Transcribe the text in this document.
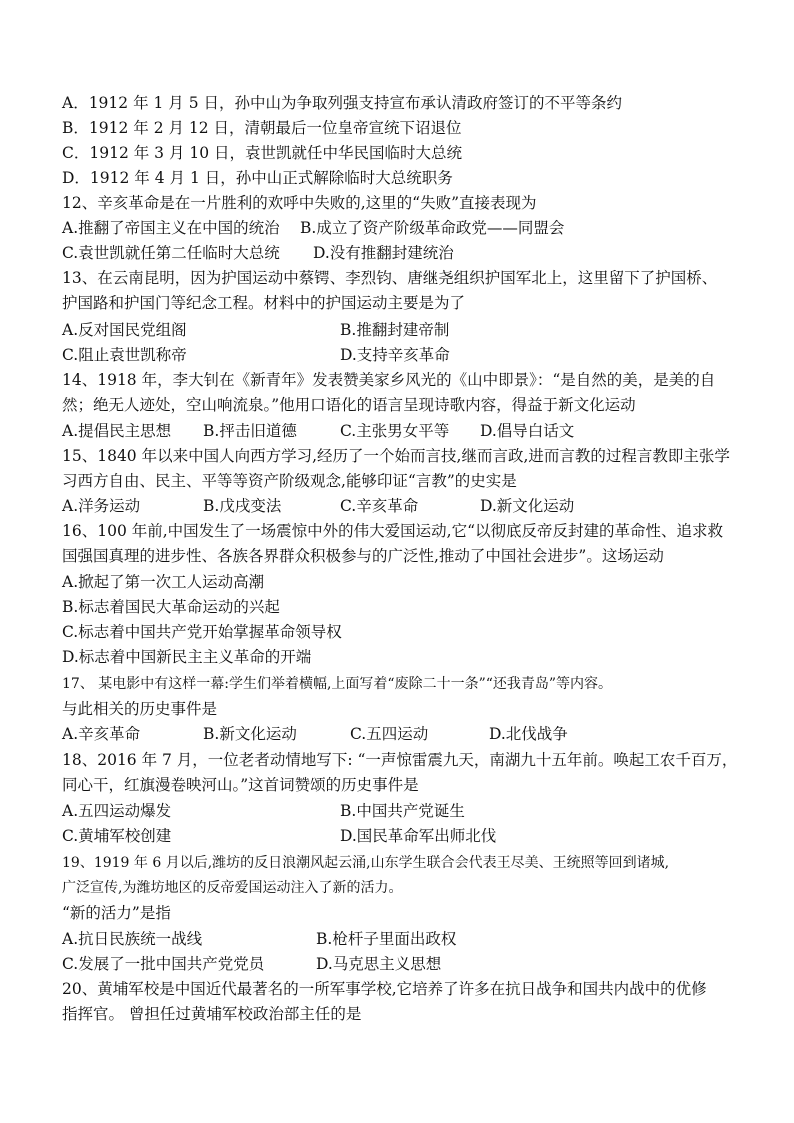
A．1912 年 1 月 5 日，孙中山为争取列强支持宣布承认清政府签订的不平等条约
B．1912 年 2 月 12 日，清朝最后一位皇帝宣统下诏退位
C．1912 年 3 月 10 日，袁世凯就任中华民国临时大总统
D．1912 年 4 月 1 日，孙中山正式解除临时大总统职务
12、辛亥革命是在一片胜利的欢呼中失败的,这里的“失败”直接表现为
A.推翻了帝国主义在中国的统治 B.成立了资产阶级革命政党——同盟会
C.袁世凯就任第二任临时大总统 D.没有推翻封建统治
13、在云南昆明，因为护国运动中蔡锷、李烈钧、唐继尧组织护国军北上，这里留下了护国桥、
护国路和护国门等纪念工程。材料中的护国运动主要是为了
A.反对国民党组阁	B.推翻封建帝制
C.阻止袁世凯称帝	D.支持辛亥革命
14、1918 年，李大钊在《新青年》发表赞美家乡风光的《山中即景》：“是自然的美，是美的自
然；绝无人迹处，空山响流泉。”他用口语化的语言呈现诗歌内容，得益于新文化运动
A.提倡民主思想 B.抨击旧道德	C.主张男女平等 D.倡导白话文
15、1840 年以来中国人向西方学习,经历了一个始而言技,继而言政,进而言教的过程言教即主张学
习西方自由、民主、平等等资产阶级观念,能够印证“言教”的史实是
A.洋务运动	B.戊戌变法	C.辛亥革命	D.新文化运动
16、100 年前,中国发生了一场震惊中外的伟大爱国运动,它“以彻底反帝反封建的革命性、追求救
国强国真理的进步性、各族各界群众积极参与的广泛性,推动了中国社会进步”。这场运动
A.掀起了第一次工人运动高潮
B.标志着国民大革命运动的兴起
C.标志着中国共产党开始掌握革命领导权
D.标志着中国新民主主义革命的开端
17、 某电影中有这样一幕:学生们举着横幅,上面写着“废除二十一条”“还我青岛”等内容。
与此相关的历史事件是
A.辛亥革命	B.新文化运动	C.五四运动	D.北伐战争
18、2016 年 7 月，一位老者动情地写下: “一声惊雷震九天，南湖九十五年前。唤起工农千百万，
同心干，红旗漫卷映河山。”这首词赞颂的历史事件是
A.五四运动爆发	B.中国共产党诞生
C.黄埔军校创建	D.国民革命军出师北伐
19、1919 年 6 月以后,潍坊的反日浪潮风起云涌,山东学生联合会代表王尽美、王统照等回到诸城,
广泛宣传,为潍坊地区的反帝爱国运动注入了新的活力。
“新的活力”是指
A.抗日民族统一战线	B.枪杆子里面出政权
C.发展了一批中国共产党党员	D.马克思主义思想
20、黄埔军校是中国近代最著名的一所军事学校,它培养了许多在抗日战争和国共内战中的优修
指挥官。 曾担任过黄埔军校政治部主任的是
